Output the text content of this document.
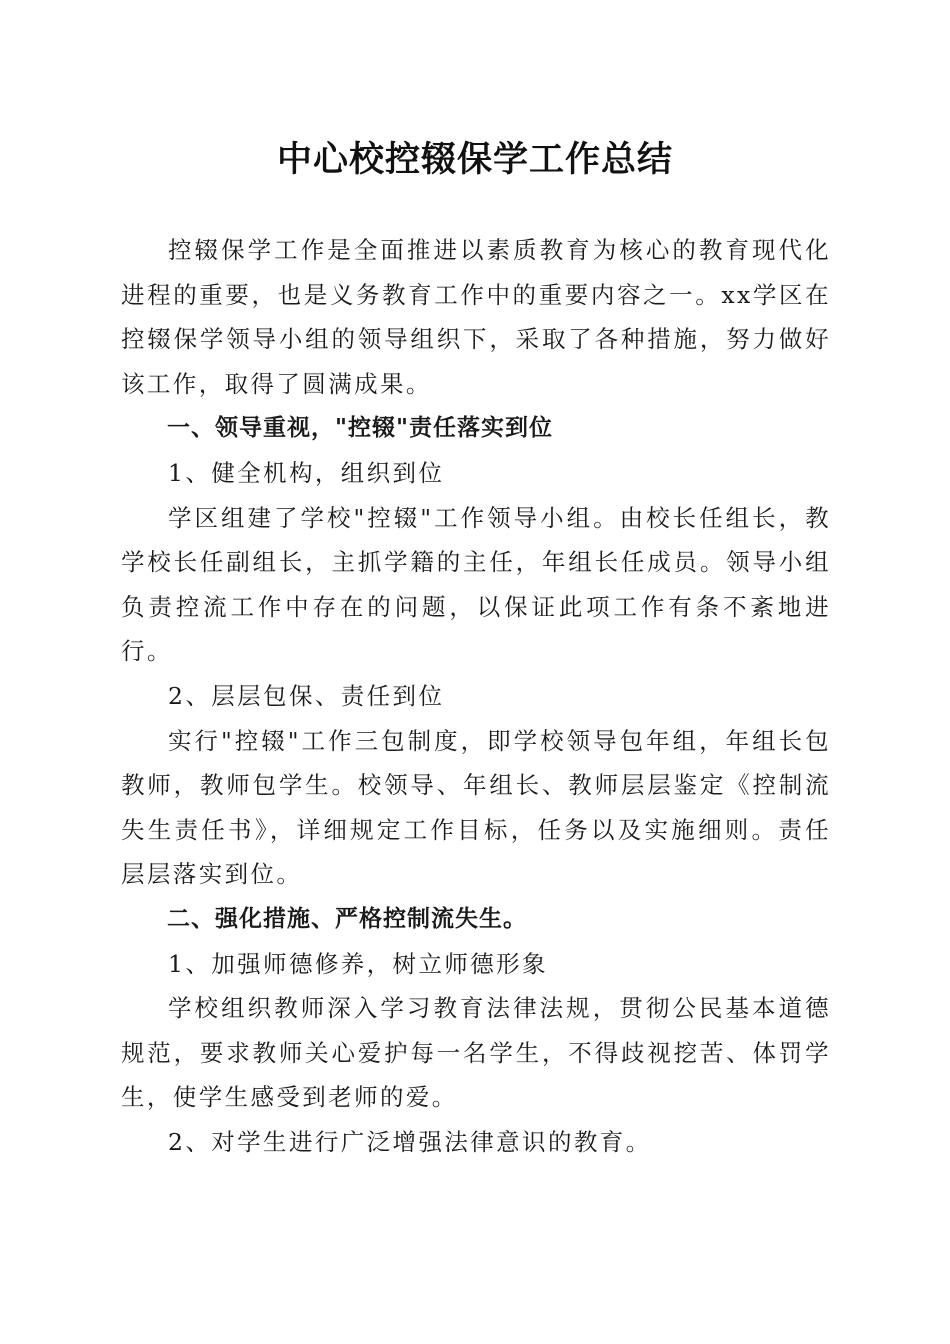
中心校控辍保学工作总结

控辍保学工作是全面推进以素质教育为核心的教育现代化进程的重要，也是义务教育工作中的重要内容之一。xx学区在控辍保学领导小组的领导组织下，采取了各种措施，努力做好该工作，取得了圆满成果。

一、领导重视，"控辍"责任落实到位

1、健全机构，组织到位

学区组建了学校"控辍"工作领导小组。由校长任组长，教学校长任副组长，主抓学籍的主任，年组长任成员。领导小组负责控流工作中存在的问题，以保证此项工作有条不紊地进行。

2、层层包保、责任到位

实行"控辍"工作三包制度，即学校领导包年组，年组长包教师，教师包学生。校领导、年组长、教师层层鉴定《控制流失生责任书》，详细规定工作目标，任务以及实施细则。责任层层落实到位。

二、强化措施、严格控制流失生。

1、加强师德修养，树立师德形象

学校组织教师深入学习教育法律法规，贯彻公民基本道德规范，要求教师关心爱护每一名学生，不得歧视挖苦、体罚学生，使学生感受到老师的爱。

2、对学生进行广泛增强法律意识的教育。
